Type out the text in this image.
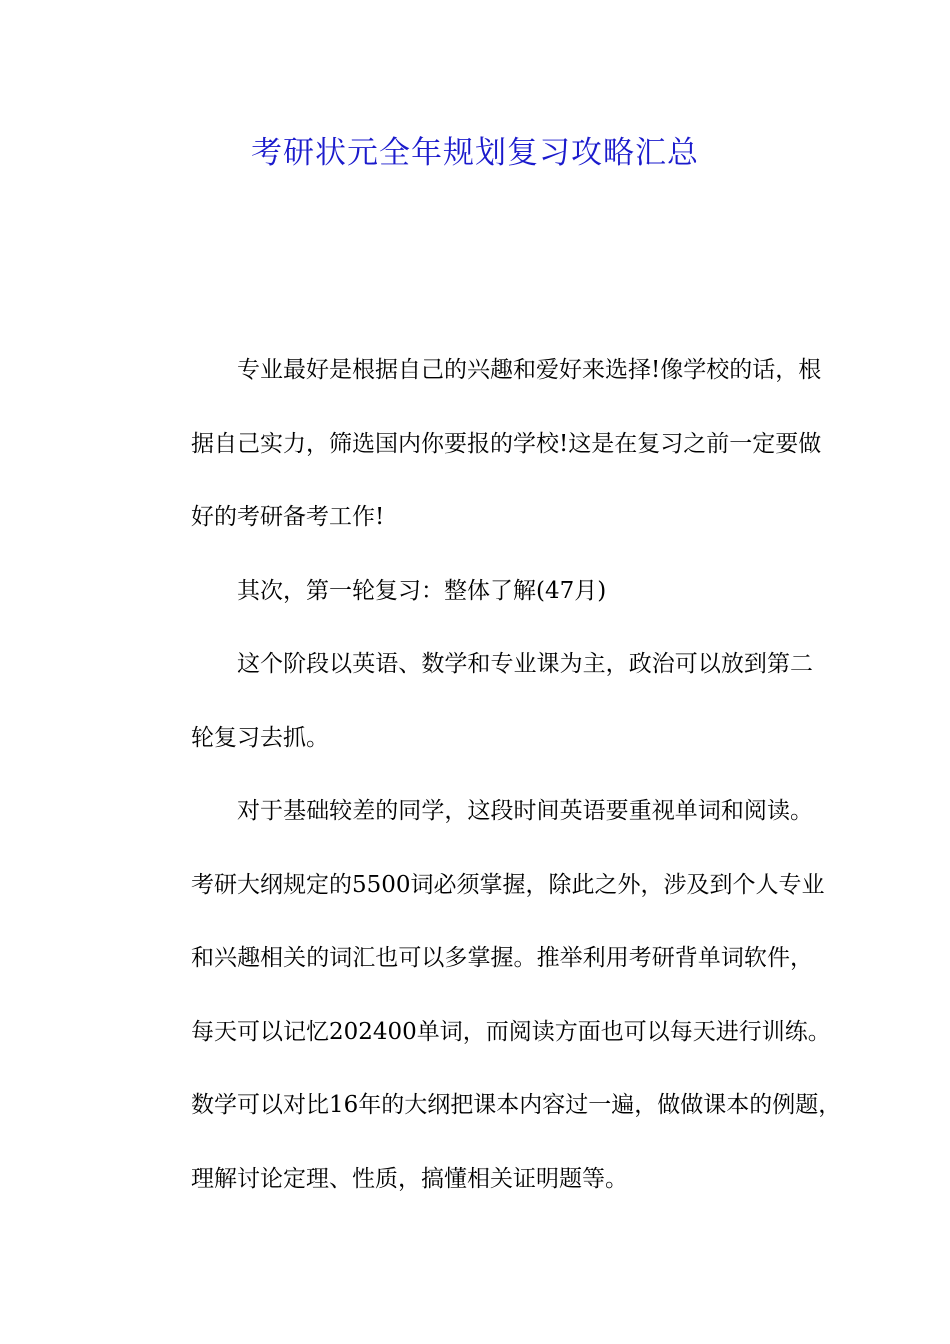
考研状元全年规划复习攻略汇总
专业最好是根据自己的兴趣和爱好来选择!像学校的话，根
据自己实力，筛选国内你要报的学校!这是在复习之前一定要做
好的考研备考工作!
其次，第一轮复习：整体了解(47月)
这个阶段以英语、数学和专业课为主，政治可以放到第二
轮复习去抓。
对于基础较差的同学，这段时间英语要重视单词和阅读。
考研大纲规定的5500词必须掌握，除此之外，涉及到个人专业
和兴趣相关的词汇也可以多掌握。推举利用考研背单词软件，
每天可以记忆202400单词，而阅读方面也可以每天进行训练。
数学可以对比16年的大纲把课本内容过一遍，做做课本的例题，
理解讨论定理、性质，搞懂相关证明题等。
